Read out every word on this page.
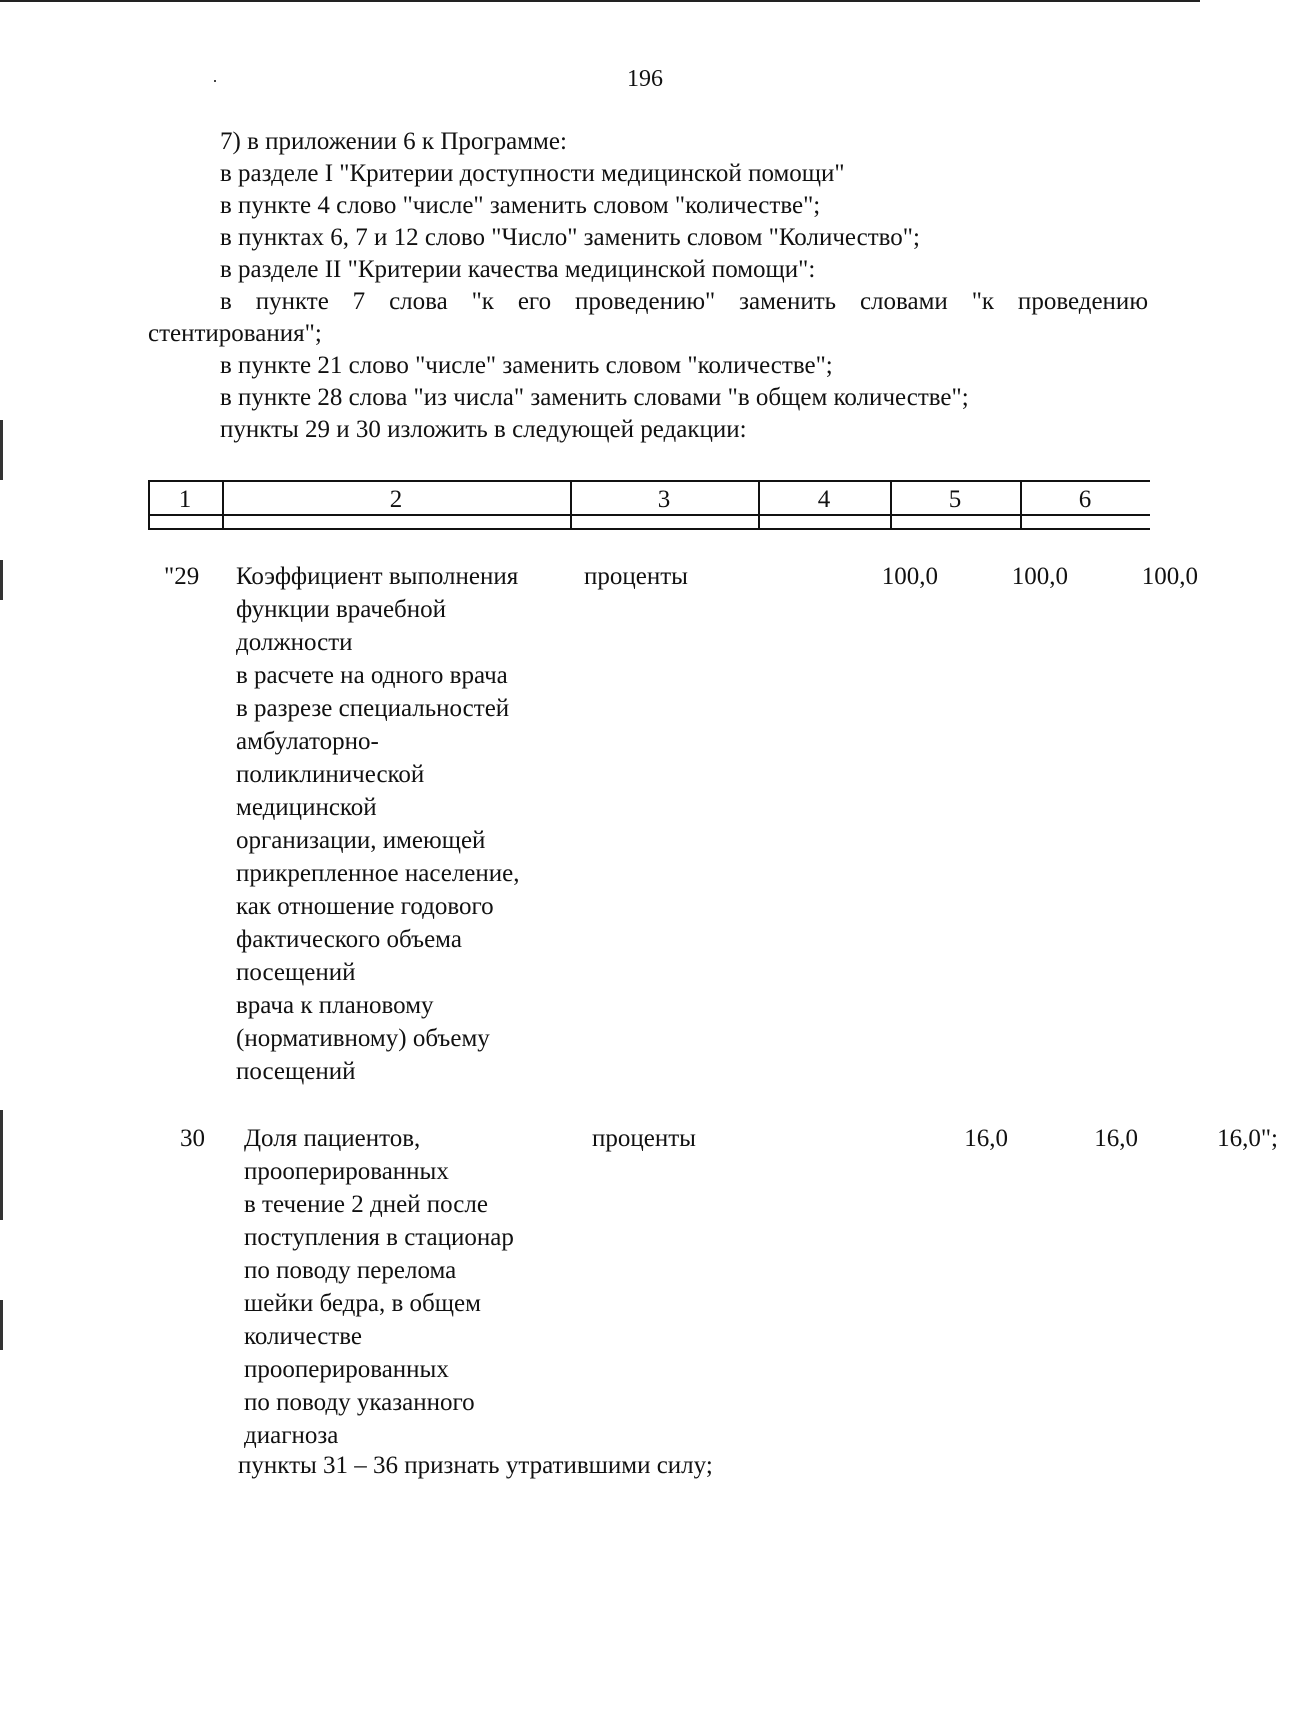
196

7) в приложении 6 к Программе:

в разделе I "Критерии доступности медицинской помощи"

в пункте 4 слово "числе" заменить словом "количестве";

в пунктах 6, 7 и 12 слово "Число" заменить словом "Количество";

в разделе II "Критерии качества медицинской помощи":

в пункте 7 слова "к его проведению" заменить словами "к проведению

стентирования";

в пункте 21 слово "числе" заменить словом "количестве";

в пункте 28 слова "из числа" заменить словами "в общем количестве";

пункты 29 и 30 изложить в следующей редакции:

1	2	3	4	5	6
"29 Коэффициент выполнения
функции врачебной
должности
в расчете на одного врача
в разрезе специальностей
амбулаторно-
поликлинической
медицинской
организации, имеющей
прикрепленное население,
как отношение годового
фактического объема
посещений
врача к плановому
(нормативному) объему
посещений
проценты	100,0	100,0	100,0
30 Доля пациентов,
прооперированных
в течение 2 дней после
поступления в стационар
по поводу перелома
шейки бедра, в общем
количестве
прооперированных
по поводу указанного
диагноза
проценты	16,0	16,0	16,0";
пункты 31 – 36 признать утратившими силу;
